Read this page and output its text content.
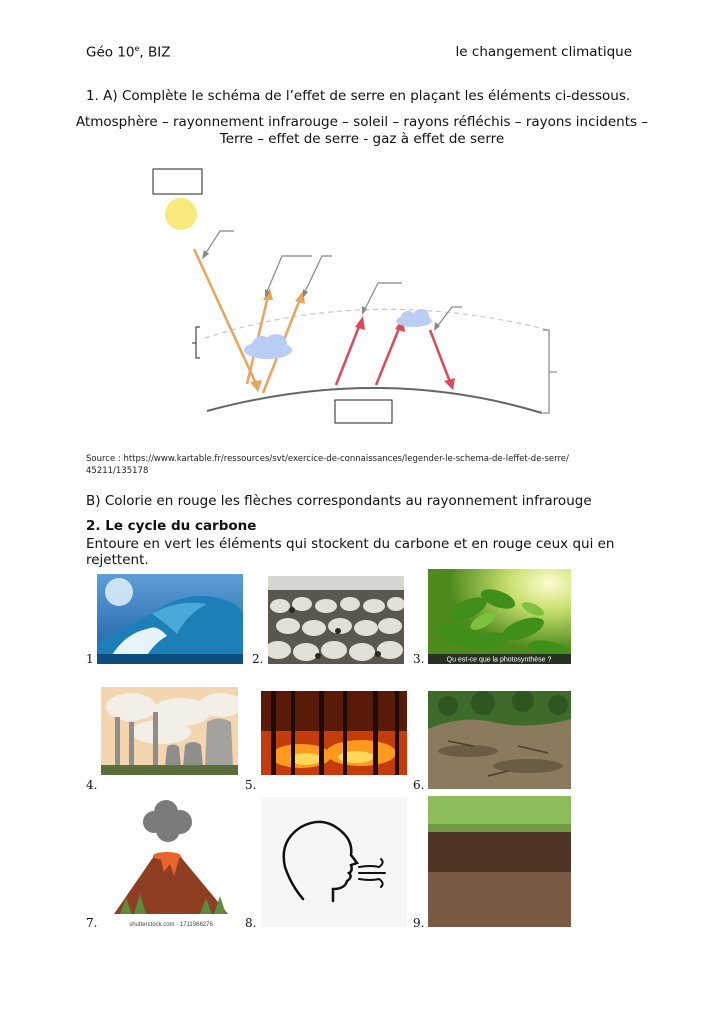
Géo 10e, BIZ	le changement climatique
1. A) Complète le schéma de l’effet de serre en plaçant les éléments ci-dessous.
Atmosphère – rayonnement infrarouge – soleil – rayons réfléchis – rayons incidents –
Terre – effet de serre - gaz à effet de serre
Source : https://www.kartable.fr/ressources/svt/exercice-de-connaissances/legender-le-schema-de-leffet-de-serre/
45211/135178
B) Colorie en rouge les flèches correspondants au rayonnement infrarouge
2. Le cycle du carbone
Entoure en vert les éléments qui stockent du carbone et en rouge ceux qui en
rejettent.
Qu est-ce que la photosynthèse ?
1	2.	3.
4.	5.	6.
shutterstock.com · 1711966276
7.	8.	9.
